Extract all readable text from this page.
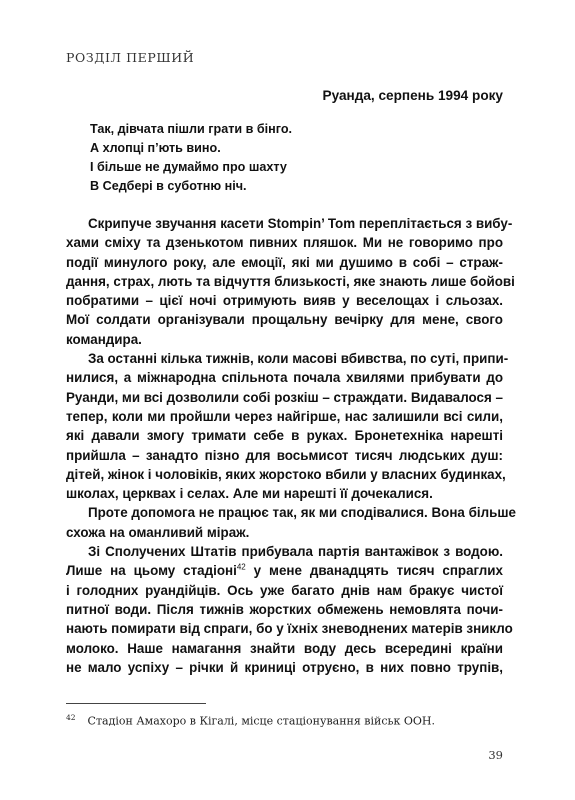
РОЗДІЛ ПЕРШИЙ
Руанда, серпень 1994 року
Так, дівчата пішли грати в бінго.
А хлопці п’ють вино.
І більше не думаймо про шахту
В Седбері в суботню ніч.

Скрипуче звучання касети Stompin’ Tom переплітається з вибу-
хами сміху та дзенькотом пивних пляшок. Ми не говоримо про
події минулого року, але емоції, які ми душимо в собі – страж-
дання, страх, лють та відчуття близькості, яке знають лише бойові
побратими – цієї ночі отримують вияв у веселощах і сльозах.
Мої солдати організували прощальну вечірку для мене, свого
командира.

За останні кілька тижнів, коли масові вбивства, по суті, припи-
нилися, а міжнародна спільнота почала хвилями прибувати до
Руанди, ми всі дозволили собі розкіш – страждати. Видавалося –
тепер, коли ми пройшли через найгірше, нас залишили всі сили,
які давали змогу тримати себе в руках. Бронетехніка нарешті
прийшла – занадто пізно для восьмисот тисяч людських душ:
дітей, жінок і чоловіків, яких жорстоко вбили у власних будинках,
школах, церквах і селах. Але ми нарешті її дочекалися.

Проте допомога не працює так, як ми сподівалися. Вона більше
схожа на оманливий міраж.

Зі Сполучених Штатів прибувала партія вантажівок з водою.
Лише на цьому стадіоні$^{42}$ у мене дванадцять тисяч спраглих
і голодних руандійців. Ось уже багато днів нам бракує чистої
питної води. Після тижнів жорстких обмежень немовлята почи-
нають помирати від спраги, бо у їхніх зневоднених матерів зникло
молоко. Наше намагання знайти воду десь всередині країни
не мало успіху – річки й криниці отруєно, в них повно трупів,

$^{42}$ Стадіон Амахоро в Кігалі, місце стаціонування військ ООН.
39
